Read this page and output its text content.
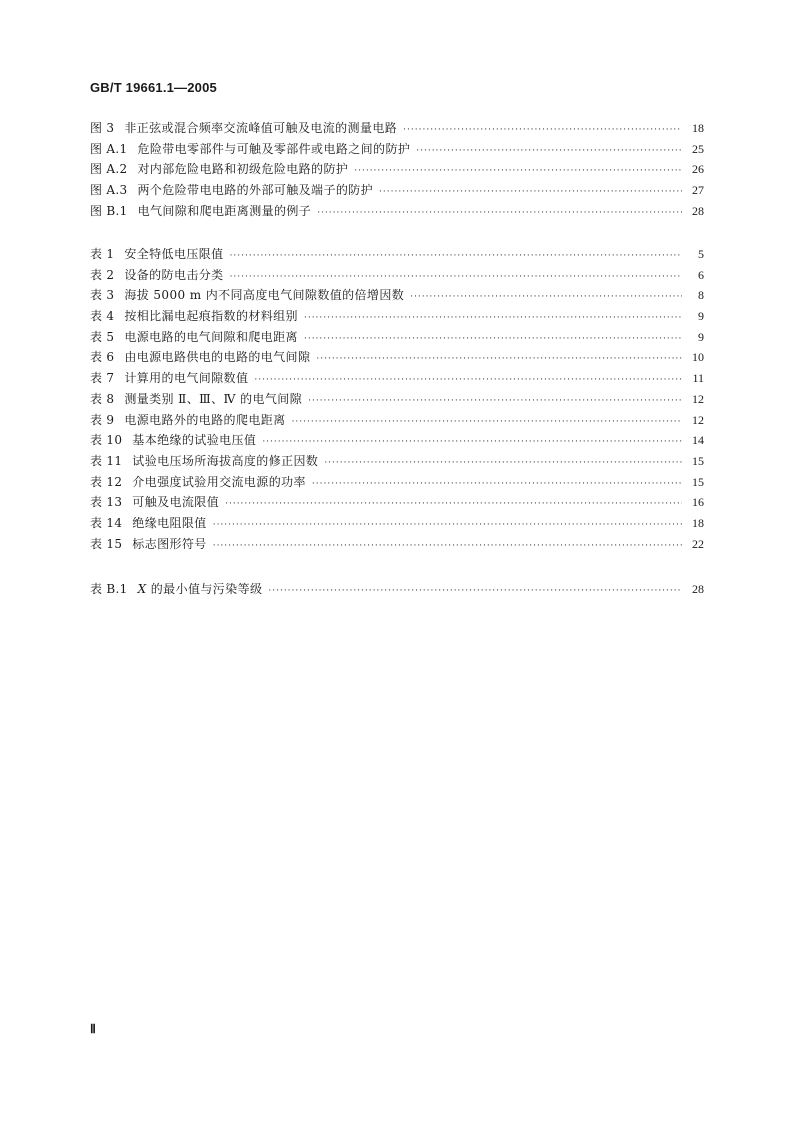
GB/T 19661.1—2005
图 3 非正弦或混合频率交流峰值可触及电流的测量电路 ·····	18
图 A.1 危险带电零部件与可触及零部件或电路之间的防护 ·····	25
图 A.2 对内部危险电路和初级危险电路的防护 ·····	26
图 A.3 两个危险带电电路的外部可触及端子的防护 ·····	27
图 B.1 电气间隙和爬电距离测量的例子 ·····	28
表 1 安全特低电压限值 ·····	5
表 2 设备的防电击分类 ·····	6
表 3 海拔 5000 m 内不同高度电气间隙数值的倍增因数 ·····	8
表 4 按相比漏电起痕指数的材料组别 ·····	9
表 5 电源电路的电气间隙和爬电距离 ·····	9
表 6 由电源电路供电的电路的电气间隙 ·····	10
表 7 计算用的电气间隙数值 ·····	11
表 8 测量类别 Ⅱ、Ⅲ、Ⅳ 的电气间隙 ·····	12
表 9 电源电路外的电路的爬电距离 ·····	12
表 10 基本绝缘的试验电压值 ·····	14
表 11 试验电压场所海拔高度的修正因数 ·····	15
表 12 介电强度试验用交流电源的功率 ·····	15
表 13 可触及电流限值 ·····	16
表 14 绝缘电阻限值 ·····	18
表 15 标志图形符号 ·····	22
表 B.1 X 的最小值与污染等级 ·····	28
Ⅱ
